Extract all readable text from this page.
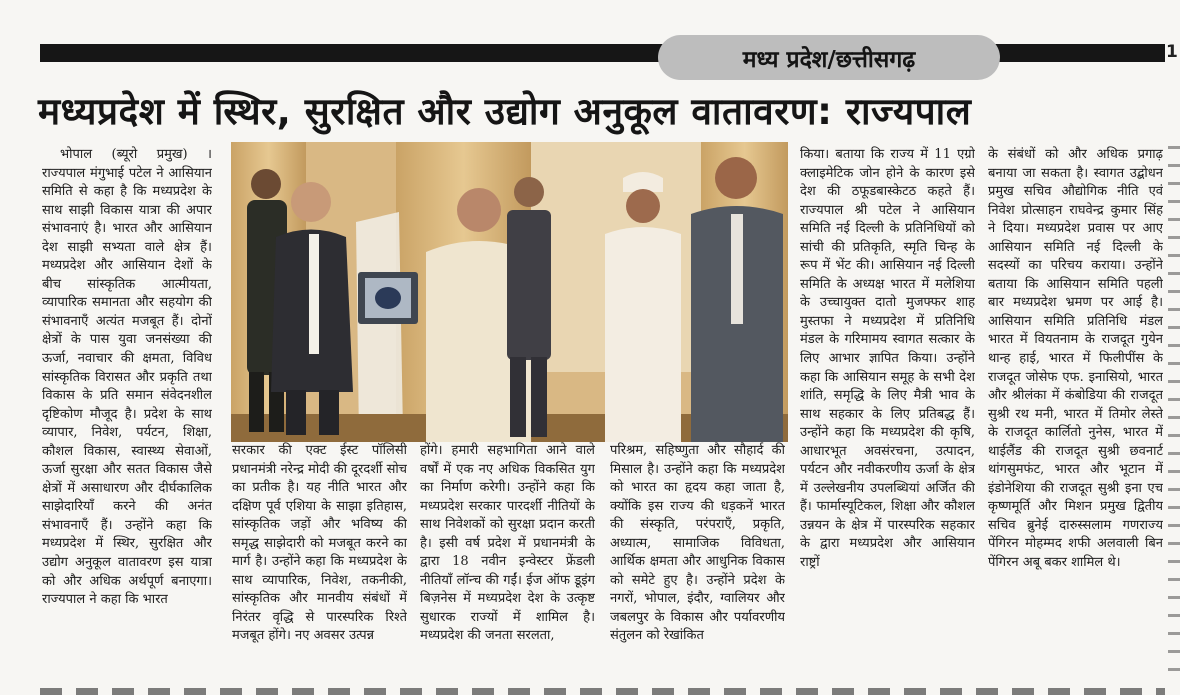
मध्य प्रदेश/छत्तीसगढ़	1
मध्यप्रदेश में स्थिर, सुरक्षित और उद्योग अनुकूल वातावरण: राज्यपाल

भोपाल (ब्यूरो प्रमुख) । राज्यपाल मंगुभाई पटेल ने आसियान समिति से कहा है कि मध्यप्रदेश के साथ साझी विकास यात्रा की अपार संभावनाएं है। भारत और आसियान देश साझी सभ्यता वाले क्षेत्र हैं। मध्यप्रदेश और आसियान देशों के बीच सांस्कृतिक आत्मीयता, व्यापारिक समानता और सहयोग की संभावनाएँ अत्यंत मजबूत हैं। दोनों क्षेत्रों के पास युवा जनसंख्या की ऊर्जा, नवाचार की क्षमता, विविध सांस्कृतिक विरासत और प्रकृति तथा विकास के प्रति समान संवेदनशील दृष्टिकोण मौजूद है। प्रदेश के साथ व्यापार, निवेश, पर्यटन, शिक्षा, कौशल विकास, स्वास्थ्य सेवाओं, ऊर्जा सुरक्षा और सतत विकास जैसे क्षेत्रों में असाधारण और दीर्घकालिक साझेदारियाँ करने की अनंत संभावनाएँ हैं। उन्होंने कहा कि मध्यप्रदेश में स्थिर, सुरक्षित और उद्योग अनुकूल वातावरण इस यात्रा को और अधिक अर्थपूर्ण बनाएगा। राज्यपाल ने कहा कि भारत

सरकार की एक्ट ईस्ट पॉलिसी प्रधानमंत्री नरेन्द्र मोदी की दूरदर्शी सोच का प्रतीक है। यह नीति भारत और दक्षिण पूर्व एशिया के साझा इतिहास, सांस्कृतिक जड़ों और भविष्य की समृद्ध साझेदारी को मजबूत करने का मार्ग है। उन्होंने कहा कि मध्यप्रदेश के साथ व्यापारिक, निवेश, तकनीकी, सांस्कृतिक और मानवीय संबंधों में निरंतर वृद्धि से पारस्परिक रिश्ते मजबूत होंगे। नए अवसर उत्पन्न

होंगे। हमारी सहभागिता आने वाले वर्षों में एक नए अधिक विकसित युग का निर्माण करेगी। उन्होंने कहा कि मध्यप्रदेश सरकार पारदर्शी नीतियों के साथ निवेशकों को सुरक्षा प्रदान करती है। इसी वर्ष प्रदेश में प्रधानमंत्री के द्वारा 18 नवीन इन्वेस्टर फ्रेंडली नीतियाँ लॉन्च की गईं। ईज ऑफ डूइंग बिज़नेस में मध्यप्रदेश देश के उत्कृष्ट सुधारक राज्यों में शामिल है। मध्यप्रदेश की जनता सरलता,

परिश्रम, सहिष्णुता और सौहार्द की मिसाल है। उन्होंने कहा कि मध्यप्रदेश को भारत का हृदय कहा जाता है, क्योंकि इस राज्य की धड़कनें भारत की संस्कृति, परंपराएँ, प्रकृति, अध्यात्म, सामाजिक विविधता, आर्थिक क्षमता और आधुनिक विकास को समेटे हुए है। उन्होंने प्रदेश के नगरों, भोपाल, इंदौर, ग्वालियर और जबलपुर के विकास और पर्यावरणीय संतुलन को रेखांकित

किया। बताया कि राज्य में 11 एग्रो क्लाइमेटिक जोन होने के कारण इसे देश की ठफूडबास्केटठ कहते हैं। राज्यपाल श्री पटेल ने आसियान समिति नई दिल्ली के प्रतिनिधियों को सांची की प्रतिकृति, स्मृति चिन्ह के रूप में भेंट की। आसियान नई दिल्ली समिति के अध्यक्ष भारत में मलेशिया के उच्चायुक्त दातो मुजफ्फर शाह मुस्तफा ने मध्यप्रदेश में प्रतिनिधि मंडल के गरिमामय स्वागत सत्कार के लिए आभार ज्ञापित किया। उन्होंने कहा कि आसियान समूह के सभी देश शांति, समृद्धि के लिए मैत्री भाव के साथ सहकार के लिए प्रतिबद्ध हैं। उन्होंने कहा कि मध्यप्रदेश की कृषि, आधारभूत अवसंरचना, उत्पादन, पर्यटन और नवीकरणीय ऊर्जा के क्षेत्र में उल्लेखनीय उपलब्धियां अर्जित की हैं। फार्मास्यूटिकल, शिक्षा और कौशल उन्नयन के क्षेत्र में पारस्परिक सहकार के द्वारा मध्यप्रदेश और आसियान राष्ट्रों

के संबंधों को और अधिक प्रगाढ़ बनाया जा सकता है। स्वागत उद्बोधन प्रमुख सचिव औद्योगिक नीति एवं निवेश प्रोत्साहन राघवेन्द्र कुमार सिंह ने दिया। मध्यप्रदेश प्रवास पर आए आसियान समिति नई दिल्ली के सदस्यों का परिचय कराया। उन्होंने बताया कि आसियान समिति पहली बार मध्यप्रदेश भ्रमण पर आई है। आसियान समिति प्रतिनिधि मंडल भारत में वियतनाम के राजदूत गुयेन थान्ह हाई, भारत में फिलीपींस के राजदूत जोसेफ एफ. इनासियो, भारत और श्रीलंका में कंबोडिया की राजदूत सुश्री रथ मनी, भारत में तिमोर लेस्ते के राजदूत कार्लितो नुनेस, भारत में थाईलैंड की राजदूत सुश्री छवनार्ट थांगसुमफंट, भारत और भूटान में इंडोनेशिया की राजदूत सुश्री इना एच कृष्णमूर्ति और मिशन प्रमुख द्वितीय सचिव ब्रुनेई दारुस्सलाम गणराज्य पेंगिरन मोहम्मद शफी अलवाली बिन पेंगिरन अबू बकर शामिल थे।
